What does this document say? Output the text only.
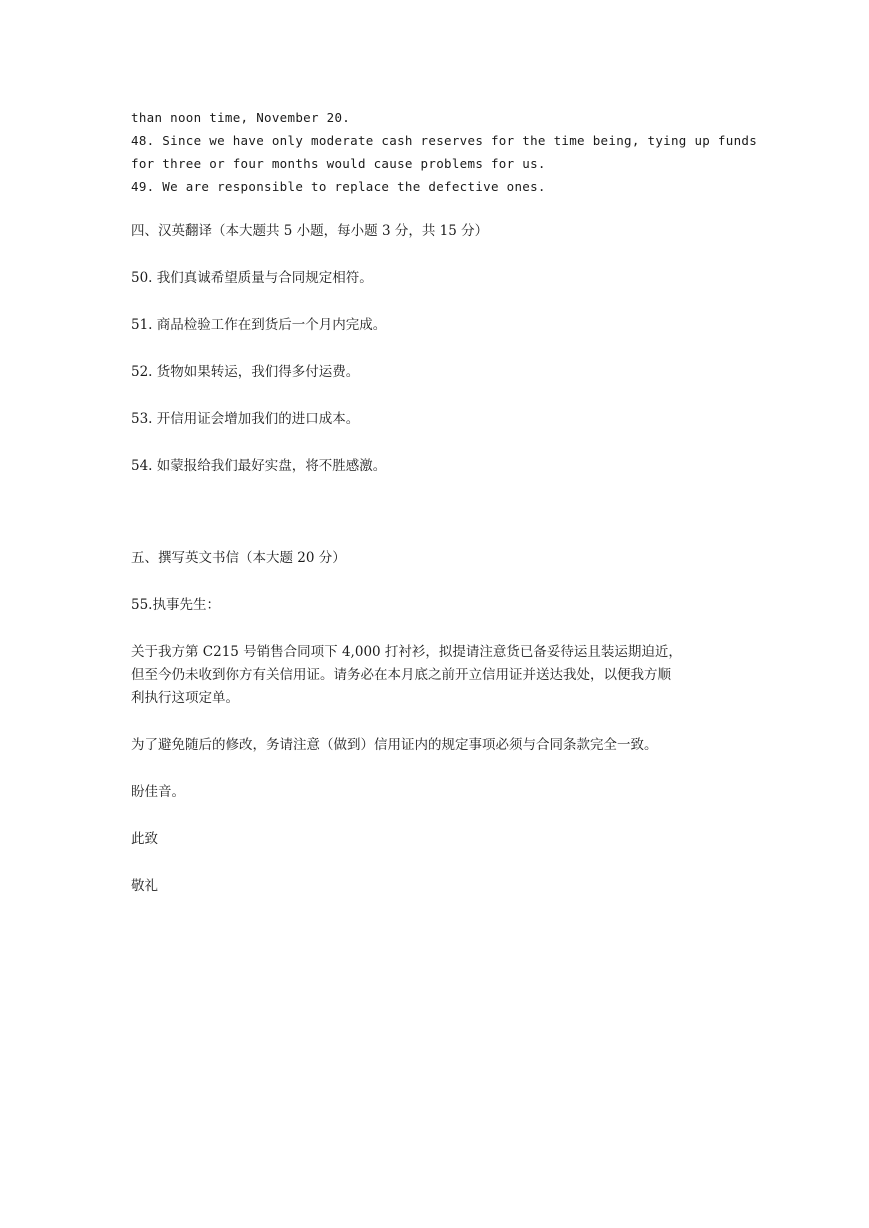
than noon time, November 20.

48. Since we have only moderate cash reserves for the time being, tying up funds

for three or four months would cause problems for us.

49. We are responsible to replace the defective ones.

四、汉英翻译（本大题共 5 小题，每小题 3 分，共 15 分）

50. 我们真诚希望质量与合同规定相符。

51. 商品检验工作在到货后一个月内完成。

52. 货物如果转运，我们得多付运费。

53. 开信用证会增加我们的进口成本。

54. 如蒙报给我们最好实盘，将不胜感激。

五、撰写英文书信（本大题 20 分）

55.执事先生：

关于我方第 C215 号销售合同项下 4,000 打衬衫，拟提请注意货已备妥待运且装运期迫近，

但至今仍未收到你方有关信用证。请务必在本月底之前开立信用证并送达我处，以便我方顺

利执行这项定单。

为了避免随后的修改，务请注意（做到）信用证内的规定事项必须与合同条款完全一致。

盼佳音。

此致

敬礼
